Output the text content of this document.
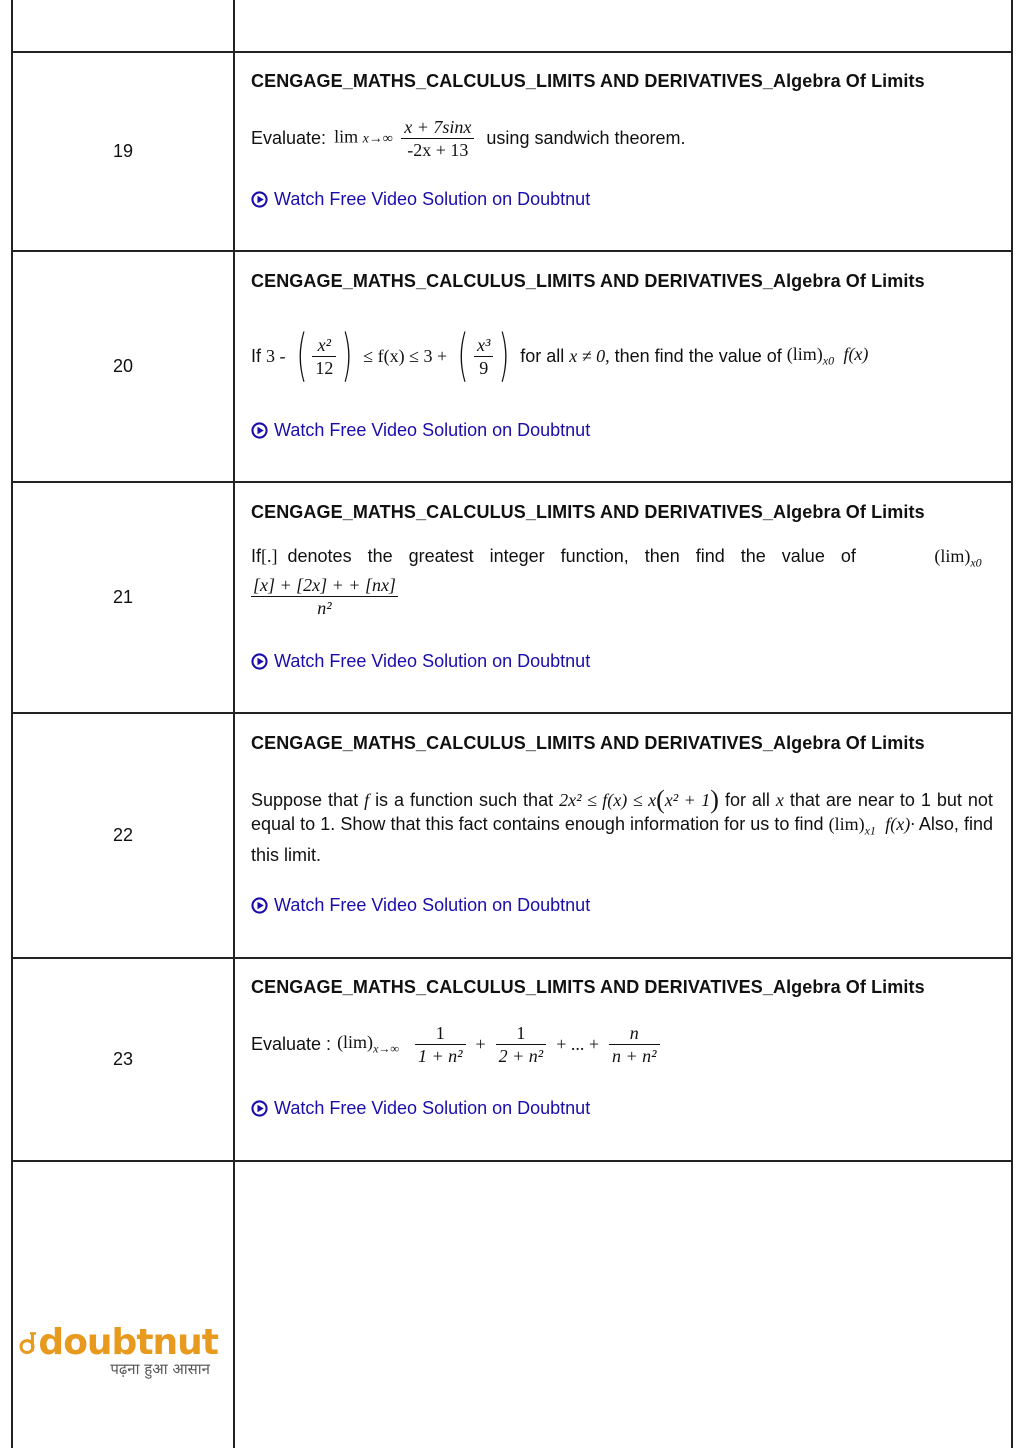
19
CENGAGE_MATHS_CALCULUS_LIMITS AND DERIVATIVES_Algebra Of Limits
Evaluate: $\lim x\to\infty \frac{x + 7\sin x}{-2x + 13}$ using sandwich theorem.
Watch Free Video Solution on Doubtnut
20
CENGAGE_MATHS_CALCULUS_LIMITS AND DERIVATIVES_Algebra Of Limits
If 3 - ( $\frac{\text{x²}}{12}$ ) ≤ f(x) ≤ 3 + ( $\frac{\text{x³}}{9}$ ) for all x ≠ 0, then find the value of $(\lim)_{x0⃗}f(x)$
Watch Free Video Solution on Doubtnut
21
CENGAGE_MATHS_CALCULUS_LIMITS AND DERIVATIVES_Algebra Of Limits
If [.] denotes the greatest integer function, then find the value of	$(\lim)_{x0⃗}$
$\frac{[x] + [2x] + + [nx]}{\text{n²}}$
Watch Free Video Solution on Doubtnut
22
CENGAGE_MATHS_CALCULUS_LIMITS AND DERIVATIVES_Algebra Of Limits
Suppose that f is a function such that 2x² ≤ f(x) ≤ x(x² + 1) for all x that are near to 1 but not equal to 1. Show that this fact contains enough information for us to find $(\lim)_{x1⃗}f(x)\cdot$ Also, find this limit.
Watch Free Video Solution on Doubtnut
23
CENGAGE_MATHS_CALCULUS_LIMITS AND DERIVATIVES_Algebra Of Limits
Evaluate : $(\lim)_{x\to\infty} \frac{1}{\text{1 + n²}} + \frac{1}{\text{2 + n²}}$ + ... + $\frac{n}{\text{n + n²}}$
Watch Free Video Solution on Doubtnut
doubtnut
पढ़ना हुआ आसान
